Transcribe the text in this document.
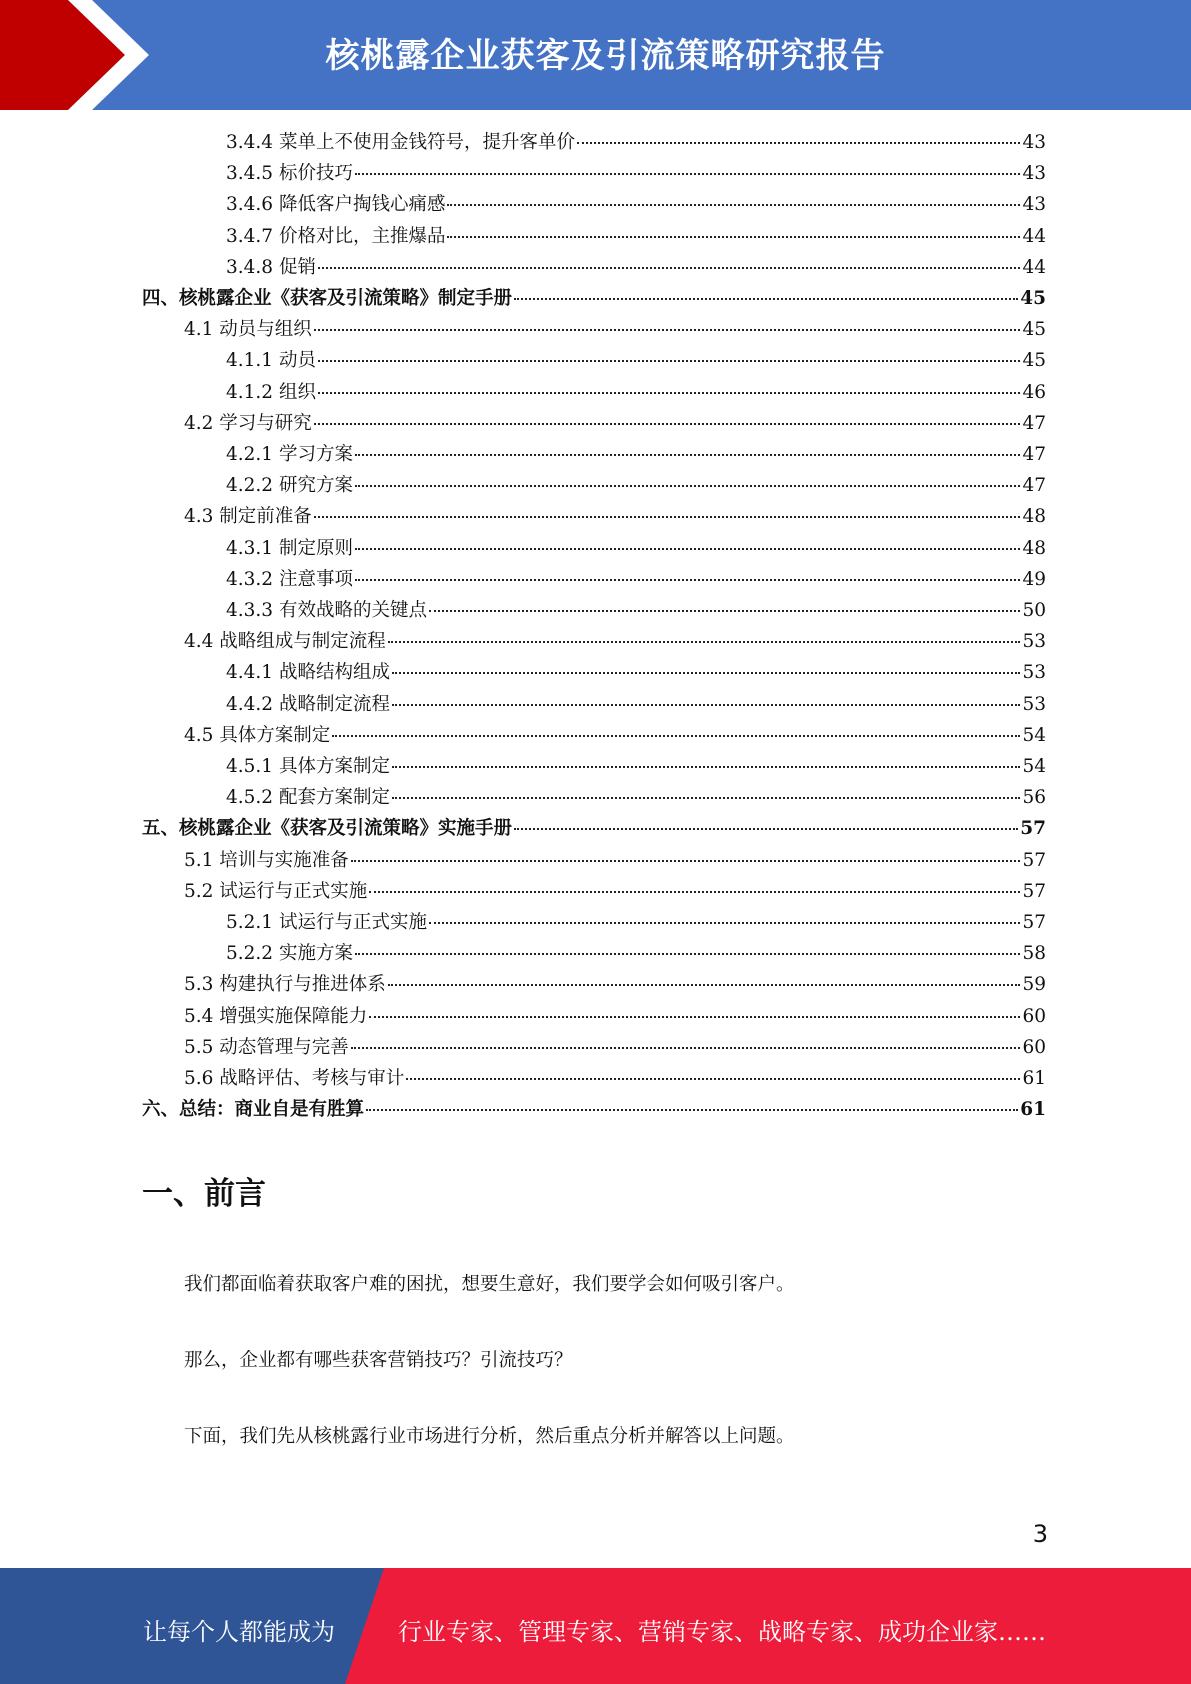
核桃露企业获客及引流策略研究报告
3.4.4 菜单上不使用金钱符号，提升客单价	43
3.4.5 标价技巧	43
3.4.6 降低客户掏钱心痛感	43
3.4.7 价格对比，主推爆品	44
3.4.8 促销	44
四、核桃露企业《获客及引流策略》制定手册	45
4.1 动员与组织	45
4.1.1 动员	45
4.1.2 组织	46
4.2 学习与研究	47
4.2.1 学习方案	47
4.2.2 研究方案	47
4.3 制定前准备	48
4.3.1 制定原则	48
4.3.2 注意事项	49
4.3.3 有效战略的关键点	50
4.4 战略组成与制定流程	53
4.4.1 战略结构组成	53
4.4.2 战略制定流程	53
4.5 具体方案制定	54
4.5.1 具体方案制定	54
4.5.2 配套方案制定	56
五、核桃露企业《获客及引流策略》实施手册	57
5.1 培训与实施准备	57
5.2 试运行与正式实施	57
5.2.1 试运行与正式实施	57
5.2.2 实施方案	58
5.3 构建执行与推进体系	59
5.4 增强实施保障能力	60
5.5 动态管理与完善	60
5.6 战略评估、考核与审计	61
六、总结：商业自是有胜算	61
一、前言
我们都面临着获取客户难的困扰，想要生意好，我们要学会如何吸引客户。
那么，企业都有哪些获客营销技巧？引流技巧？
下面，我们先从核桃露行业市场进行分析，然后重点分析并解答以上问题。
3
让每个人都能成为	行业专家、管理专家、营销专家、战略专家、成功企业家……
